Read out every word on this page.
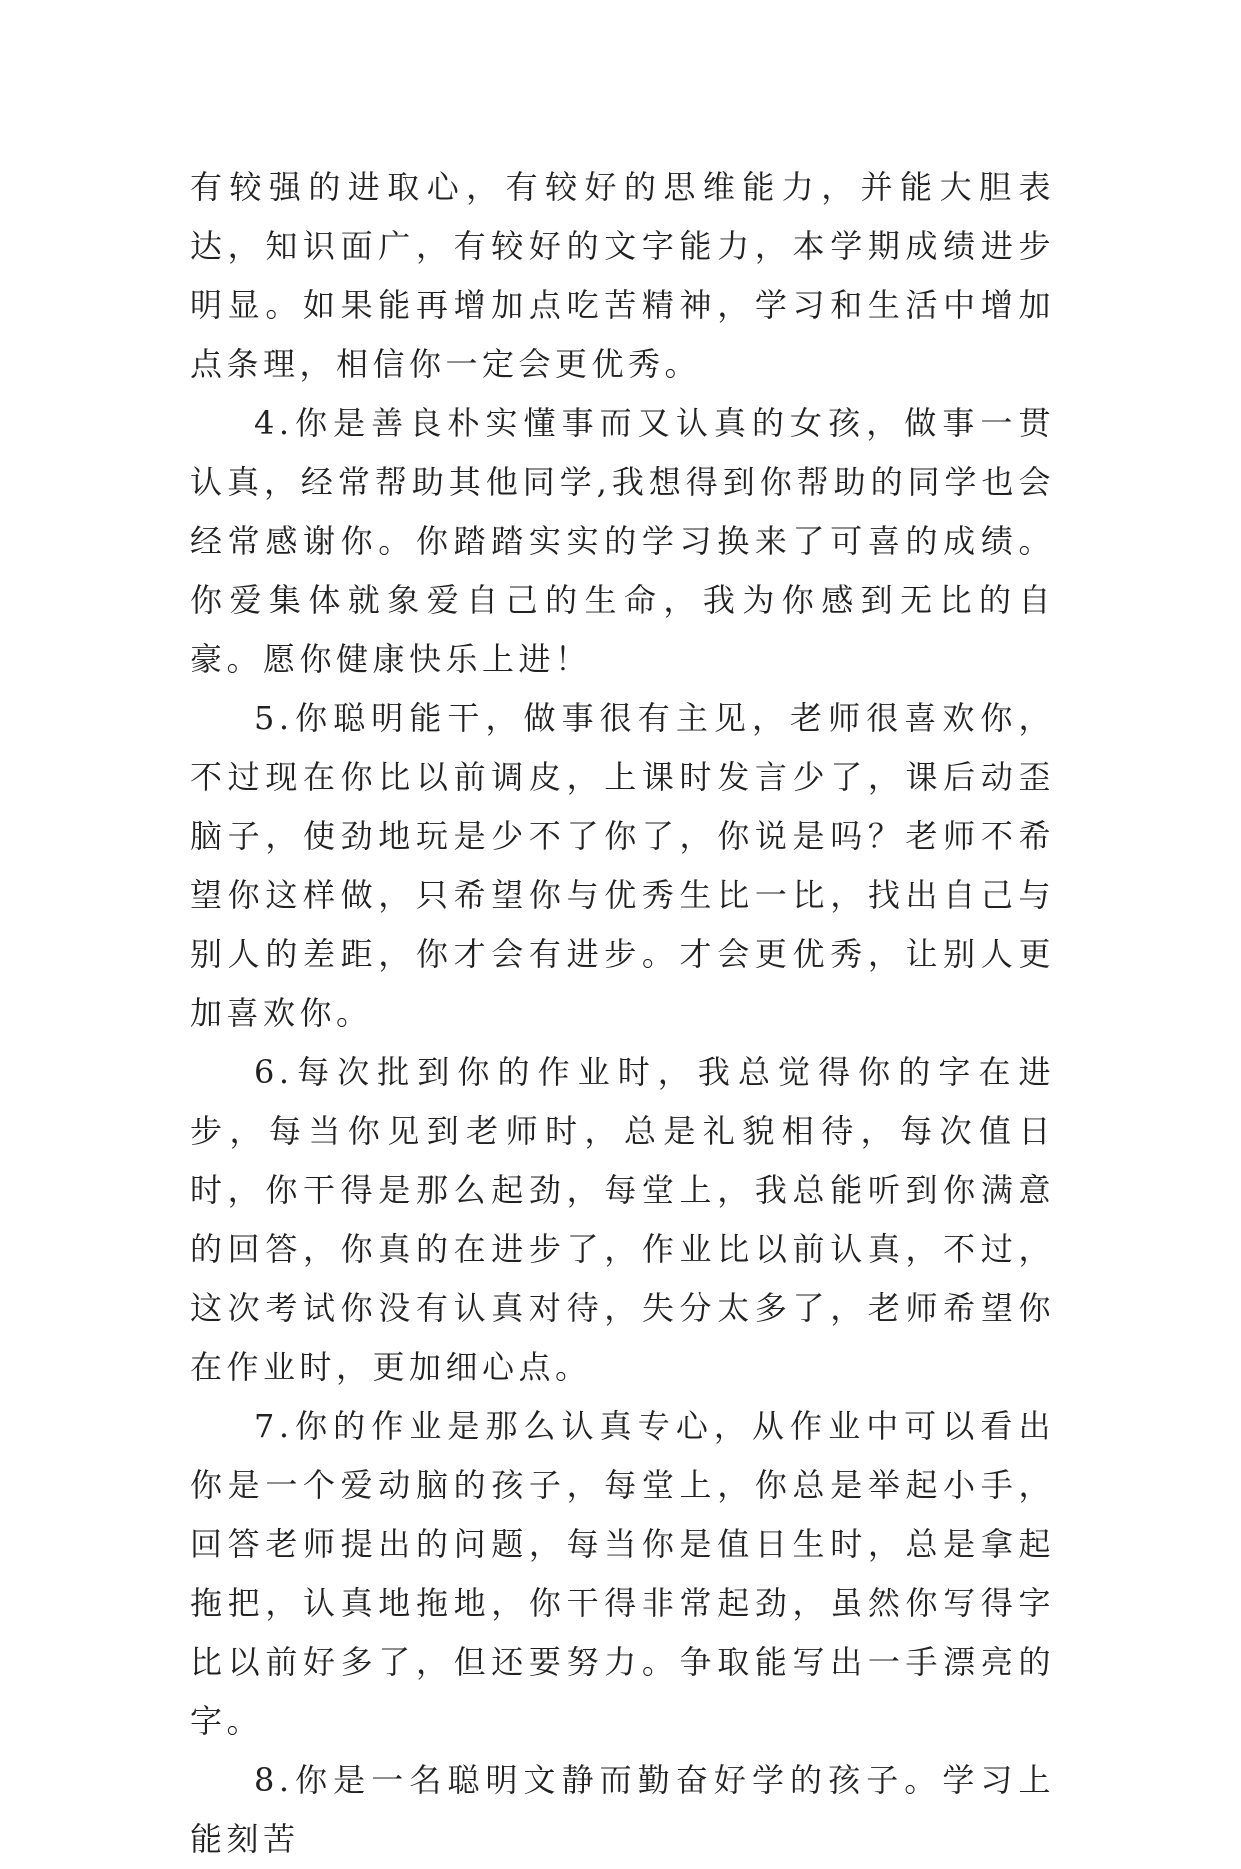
有较强的进取心，有较好的思维能力，并能大胆表达，知识面广，有较好的文字能力，本学期成绩进步明显。如果能再增加点吃苦精神，学习和生活中增加点条理，相信你一定会更优秀。

4.你是善良朴实懂事而又认真的女孩，做事一贯认真，经常帮助其他同学,我想得到你帮助的同学也会经常感谢你。你踏踏实实的学习换来了可喜的成绩。你爱集体就象爱自己的生命，我为你感到无比的自豪。愿你健康快乐上进！

5.你聪明能干，做事很有主见，老师很喜欢你，不过现在你比以前调皮，上课时发言少了，课后动歪脑子，使劲地玩是少不了你了，你说是吗？老师不希望你这样做，只希望你与优秀生比一比，找出自己与别人的差距，你才会有进步。才会更优秀，让别人更加喜欢你。

6.每次批到你的作业时，我总觉得你的字在进步，每当你见到老师时，总是礼貌相待，每次值日时，你干得是那么起劲，每堂上，我总能听到你满意的回答，你真的在进步了，作业比以前认真，不过，这次考试你没有认真对待，失分太多了，老师希望你在作业时，更加细心点。

7.你的作业是那么认真专心，从作业中可以看出你是一个爱动脑的孩子，每堂上，你总是举起小手，回答老师提出的问题，每当你是值日生时，总是拿起拖把，认真地拖地，你干得非常起劲，虽然你写得字比以前好多了，但还要努力。争取能写出一手漂亮的字。

8.你是一名聪明文静而勤奋好学的孩子。学习上能刻苦
